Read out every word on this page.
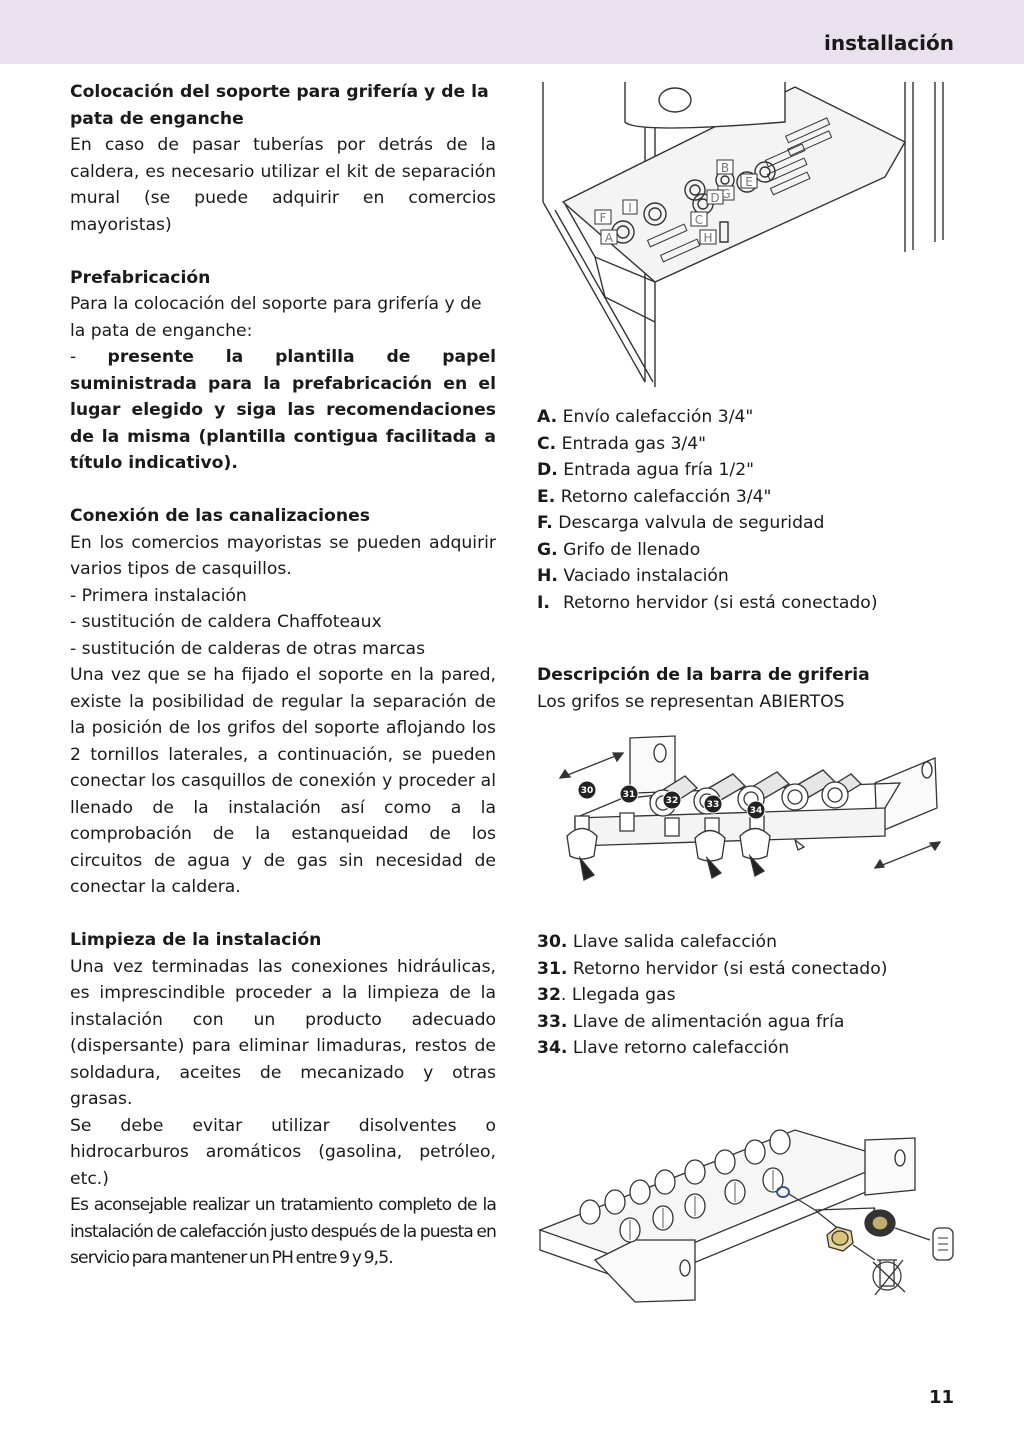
installación

Colocación del soporte para grifería y de la
pata de enganche

En caso de pasar tuberías por detrás de la caldera, es necesario utilizar el kit de separación mural (se puede adquirir en comercios mayoristas)

Prefabricación

Para la colocación del soporte para grifería y de la pata de enganche:

- presente la plantilla de papel suministrada para la prefabricación en el lugar elegido y siga las recomendaciones de la misma (plantilla contigua facilitada a título indicativo).

Conexión de las canalizaciones

En los comercios mayoristas se pueden adquirir varios tipos de casquillos.

- Primera instalación

- sustitución de caldera Chaffoteaux

- sustitución de calderas de otras marcas

Una vez que se ha fijado el soporte en la pared, existe la posibilidad de regular la separación de la posición de los grifos del soporte aflojando los 2 tornillos laterales, a continuación, se pueden conectar los casquillos de conexión y proceder al llenado de la instalación así como a la comprobación de la estanqueidad de los circuitos de agua y de gas sin necesidad de conectar la caldera.

Limpieza de la instalación

Una vez terminadas las conexiones hidráulicas, es imprescindible proceder a la limpieza de la instalación con un producto adecuado (dispersante) para eliminar limaduras, restos de soldadura, aceites de mecanizado y otras grasas.

Se debe evitar utilizar disolventes o hidrocarburos aromáticos (gasolina, petróleo, etc.)

Es aconsejable realizar un tratamiento completo de la instalación de calefacción justo después de la puesta en servicio para mantener un PH entre 9 y 9,5.

A
F
I
B
G
C
D
E
H

A. Envío calefacción 3/4"

C. Entrada gas 3/4"

D. Entrada agua fría 1/2"

E. Retorno calefacción 3/4"

F. Descarga valvula de seguridad

G. Grifo de llenado

H. Vaciado instalación

I. Retorno hervidor (si está conectado)

Descripción de la barra de griferia

Los grifos se representan ABIERTOS

30	31
32	33
34

30. Llave salida calefacción

31. Retorno hervidor (si está conectado)

32. Llegada gas

33. Llave de alimentación agua fría

34. Llave retorno calefacción

11
